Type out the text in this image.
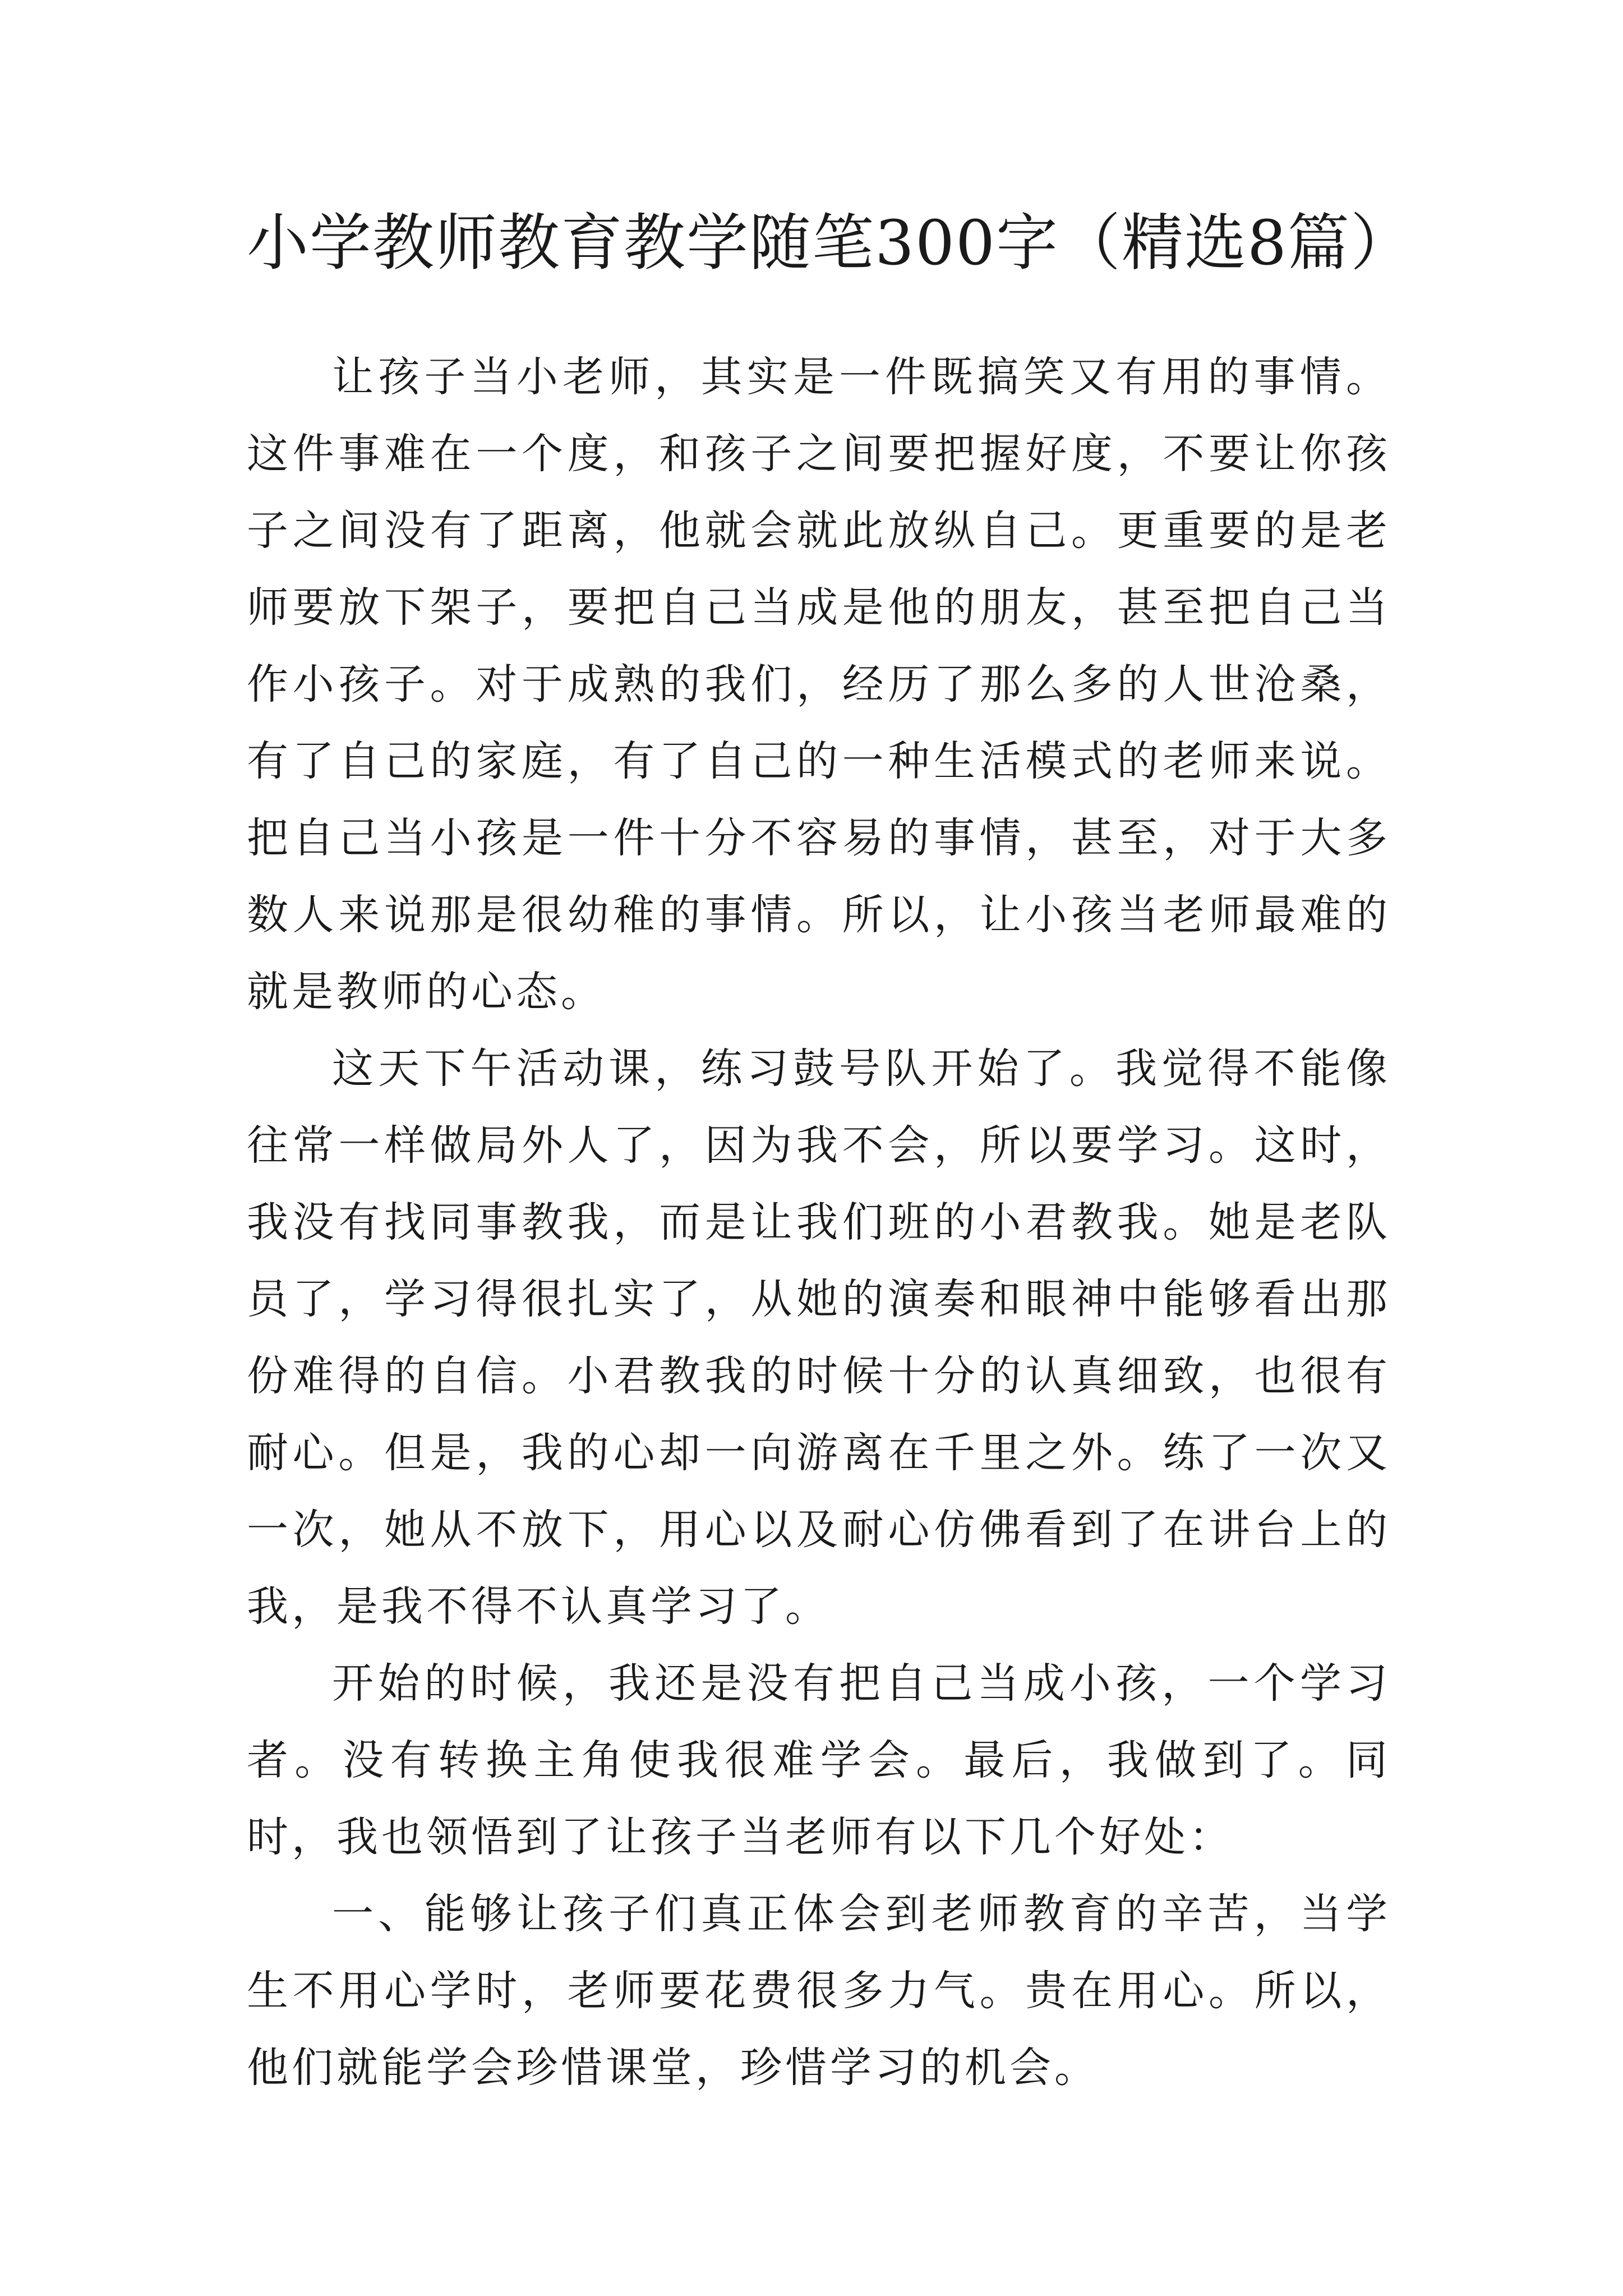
小学教师教育教学随笔300字（精选8篇）

让孩子当小老师，其实是一件既搞笑又有用的事情。这件事难在一个度，和孩子之间要把握好度，不要让你孩子之间没有了距离，他就会就此放纵自己。更重要的是老师要放下架子，要把自己当成是他的朋友，甚至把自己当作小孩子。对于成熟的我们，经历了那么多的人世沧桑，有了自己的家庭，有了自己的一种生活模式的老师来说。把自己当小孩是一件十分不容易的事情，甚至，对于大多数人来说那是很幼稚的事情。所以，让小孩当老师最难的就是教师的心态。

这天下午活动课，练习鼓号队开始了。我觉得不能像往常一样做局外人了，因为我不会，所以要学习。这时，我没有找同事教我，而是让我们班的小君教我。她是老队员了，学习得很扎实了，从她的演奏和眼神中能够看出那份难得的自信。小君教我的时候十分的认真细致，也很有耐心。但是，我的心却一向游离在千里之外。练了一次又一次，她从不放下，用心以及耐心仿佛看到了在讲台上的我，是我不得不认真学习了。

开始的时候，我还是没有把自己当成小孩，一个学习者。没有转换主角使我很难学会。最后，我做到了。同时，我也领悟到了让孩子当老师有以下几个好处：

一、能够让孩子们真正体会到老师教育的辛苦，当学生不用心学时，老师要花费很多力气。贵在用心。所以，他们就能学会珍惜课堂，珍惜学习的机会。
